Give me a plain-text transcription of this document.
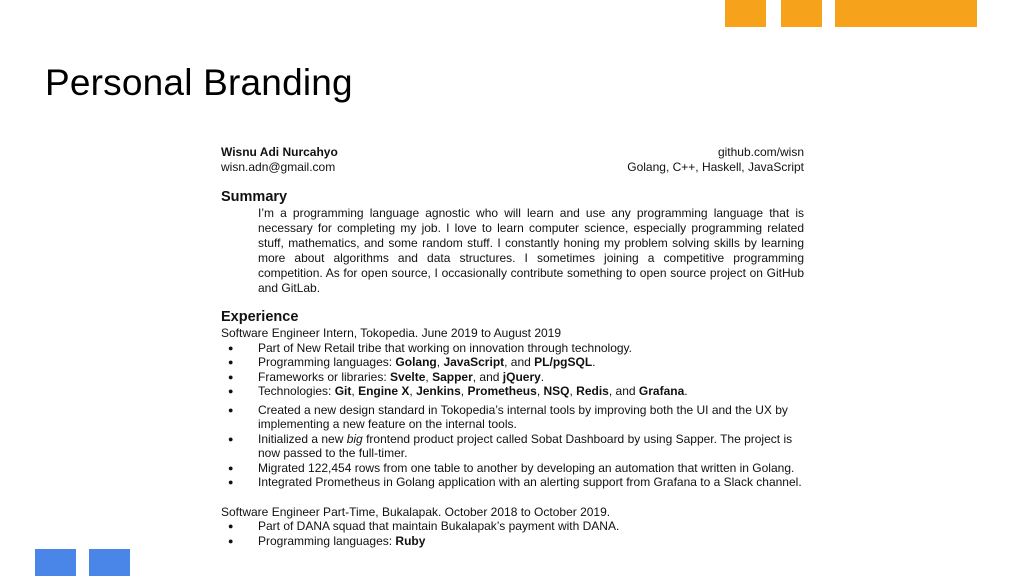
Personal Branding
Wisnu Adi Nurcahyo
wisn.adn@gmail.com
github.com/wisn
Golang, C++, Haskell, JavaScript
Summary

I’m a programming language agnostic who will learn and use any programming language that is necessary for completing my job. I love to learn computer science, especially programming related stuff, mathematics, and some random stuff. I constantly honing my problem solving skills by learning more about algorithms and data structures. I sometimes joining a competitive programming competition. As for open source, I occasionally contribute something to open source project on GitHub and GitLab.

Experience
Software Engineer Intern, Tokopedia. June 2019 to August 2019
● Part of New Retail tribe that working on innovation through technology.
● Programming languages: Golang, JavaScript, and PL/pgSQL.
● Frameworks or libraries: Svelte, Sapper, and jQuery.
● Technologies: Git, Engine X, Jenkins, Prometheus, NSQ, Redis, and Grafana.
● Created a new design standard in Tokopedia’s internal tools by improving both the UI and the UX by implementing a new feature on the internal tools.
● Initialized a new big frontend product project called Sobat Dashboard by using Sapper. The project is now passed to the full-timer.
● Migrated 122,454 rows from one table to another by developing an automation that written in Golang.
● Integrated Prometheus in Golang application with an alerting support from Grafana to a Slack channel.
Software Engineer Part-Time, Bukalapak. October 2018 to October 2019.
● Part of DANA squad that maintain Bukalapak’s payment with DANA.
● Programming languages: Ruby
